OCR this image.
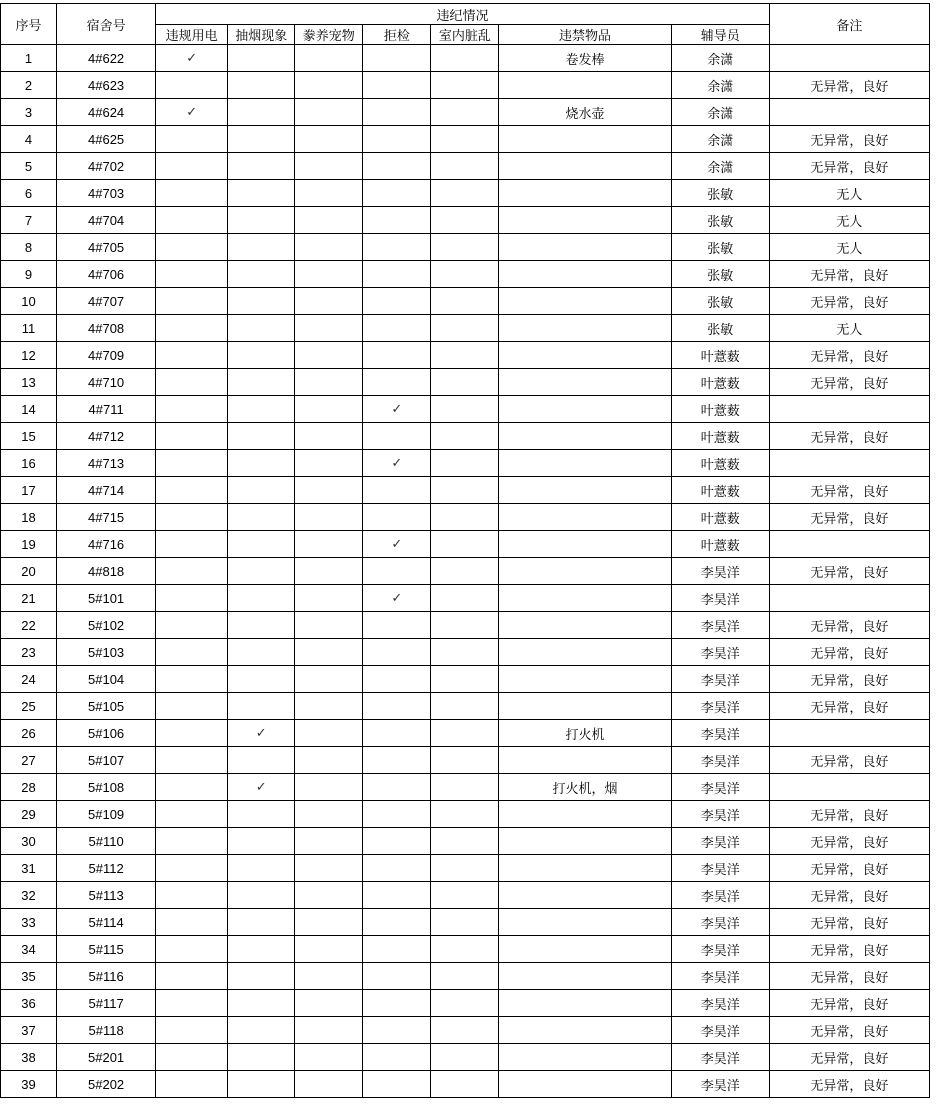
序号	宿舍号	违纪情况							备注
		违规用电	抽烟现象	豢养宠物	拒检	室内脏乱	违禁物品	辅导员	
1	4#622	✓					卷发棒	余潇	
2	4#623							余潇	无异常，良好
3	4#624	✓					烧水壶	余潇	
4	4#625							余潇	无异常，良好
5	4#702							余潇	无异常，良好
6	4#703							张敏	无人
7	4#704							张敏	无人
8	4#705							张敏	无人
9	4#706							张敏	无异常，良好
10	4#707							张敏	无异常，良好
11	4#708							张敏	无人
12	4#709							叶薏薮	无异常，良好
13	4#710							叶薏薮	无异常，良好
14	4#711				✓			叶薏薮	
15	4#712							叶薏薮	无异常，良好
16	4#713				✓			叶薏薮	
17	4#714							叶薏薮	无异常，良好
18	4#715							叶薏薮	无异常，良好
19	4#716				✓			叶薏薮	
20	4#818							李昊洋	无异常，良好
21	5#101				✓			李昊洋	
22	5#102							李昊洋	无异常，良好
23	5#103							李昊洋	无异常，良好
24	5#104							李昊洋	无异常，良好
25	5#105							李昊洋	无异常，良好
26	5#106		✓				打火机	李昊洋	
27	5#107							李昊洋	无异常，良好
28	5#108		✓				打火机，烟	李昊洋	
29	5#109							李昊洋	无异常，良好
30	5#110							李昊洋	无异常，良好
31	5#112							李昊洋	无异常，良好
32	5#113							李昊洋	无异常，良好
33	5#114							李昊洋	无异常，良好
34	5#115							李昊洋	无异常，良好
35	5#116							李昊洋	无异常，良好
36	5#117							李昊洋	无异常，良好
37	5#118							李昊洋	无异常，良好
38	5#201							李昊洋	无异常，良好
39	5#202							李昊洋	无异常，良好
